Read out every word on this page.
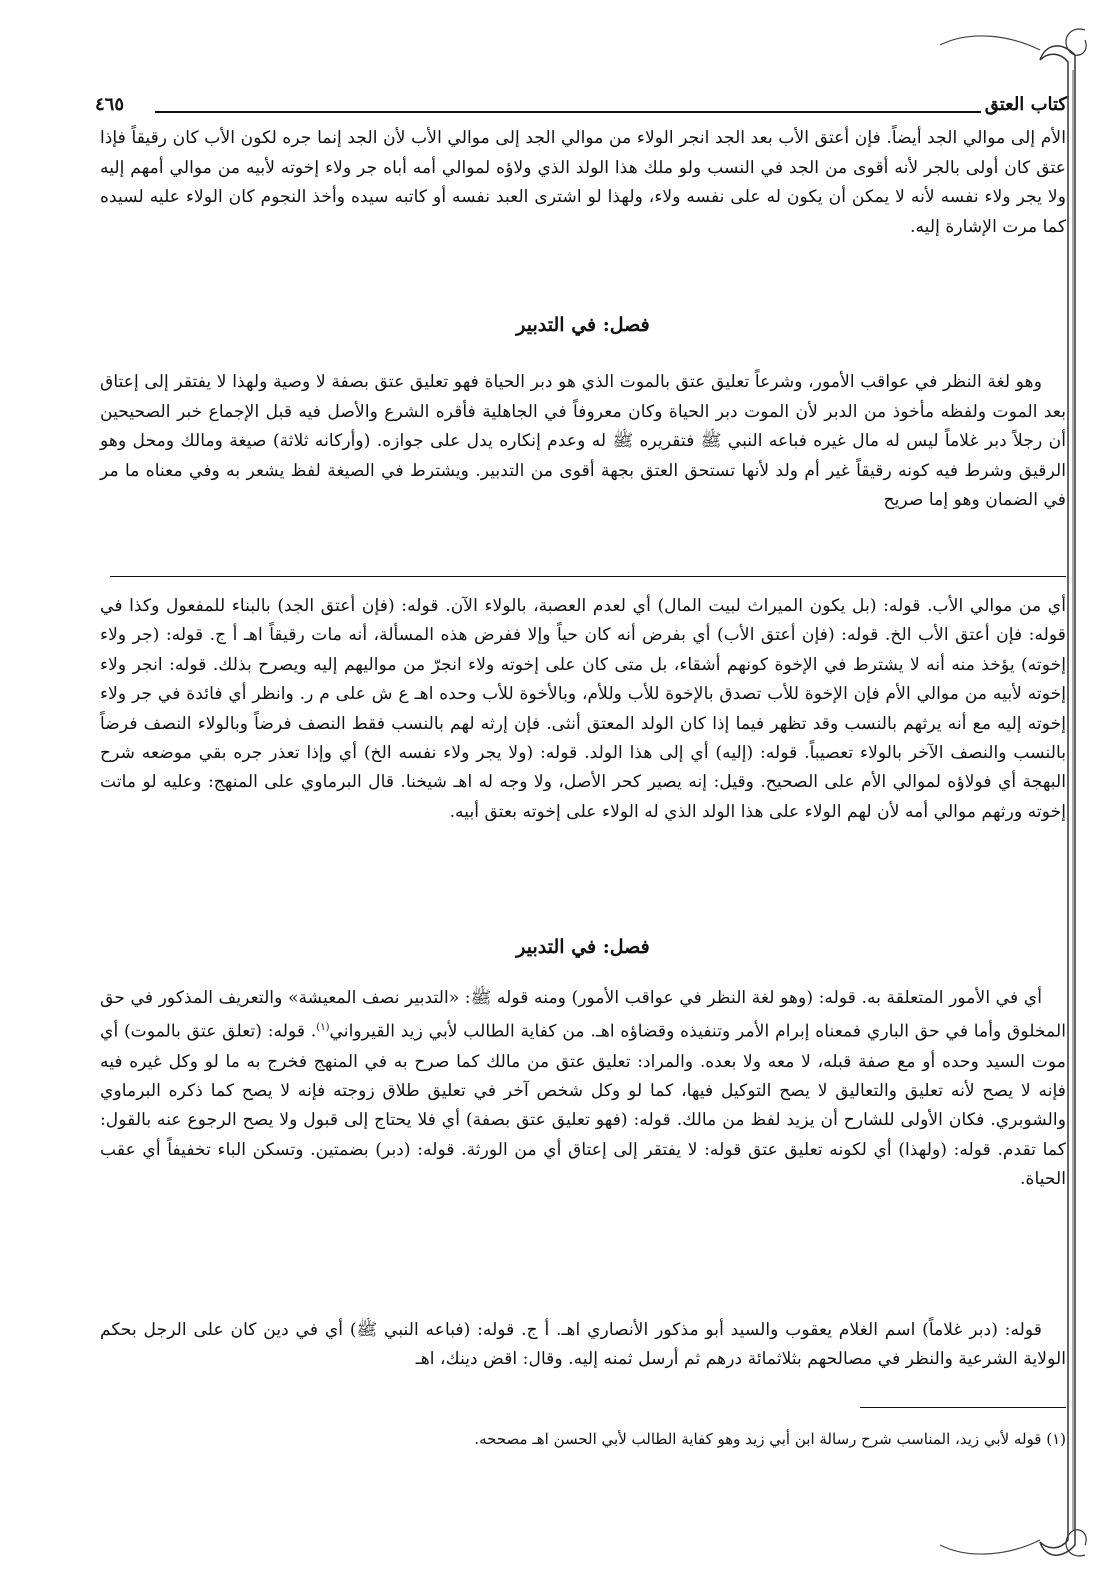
كتاب العتق
٤٦٥

الأم إلى موالي الجد أيضاً. فإن أعتق الأب بعد الجد انجر الولاء من موالي الجد إلى موالي الأب لأن الجد إنما جره لكون الأب كان رقيقاً فإذا عتق كان أولى بالجر لأنه أقوى من الجد في النسب ولو ملك هذا الولد الذي ولاؤه لموالي أمه أباه جر ولاء إخوته لأبيه من موالي أمهم إليه ولا يجر ولاء نفسه لأنه لا يمكن أن يكون له على نفسه ولاء، ولهذا لو اشترى العبد نفسه أو كاتبه سيده وأخذ النجوم كان الولاء عليه لسيده كما مرت الإشارة إليه.

فصل: في التدبير

وهو لغة النظر في عواقب الأمور، وشرعاً تعليق عتق بالموت الذي هو دبر الحياة فهو تعليق عتق بصفة لا وصية ولهذا لا يفتقر إلى إعتاق بعد الموت ولفظه مأخوذ من الدبر لأن الموت دبر الحياة وكان معروفاً في الجاهلية فأقره الشرع والأصل فيه قبل الإجماع خبر الصحيحين أن رجلاً دبر غلاماً ليس له مال غيره فباعه النبي ﷺ فتقريره ﷺ له وعدم إنكاره يدل على جوازه. (وأركانه ثلاثة) صيغة ومالك ومحل وهو الرقيق وشرط فيه كونه رقيقاً غير أم ولد لأنها تستحق العتق بجهة أقوى من التدبير. ويشترط في الصيغة لفظ يشعر به وفي معناه ما مر في الضمان وهو إما صريح

أي من موالي الأب. قوله: (بل يكون الميراث لبيت المال) أي لعدم العصبة، بالولاء الآن. قوله: (فإن أعتق الجد) بالبناء للمفعول وكذا في قوله: فإن أعتق الأب الخ. قوله: (فإن أعتق الأب) أي بفرض أنه كان حياً وإلا ففرض هذه المسألة، أنه مات رقيقاً اهـ أ ج. قوله: (جر ولاء إخوته) يؤخذ منه أنه لا يشترط في الإخوة كونهم أشقاء، بل متى كان على إخوته ولاء انجرّ من مواليهم إليه ويصرح بذلك. قوله: انجر ولاء إخوته لأبيه من موالي الأم فإن الإخوة للأب تصدق بالإخوة للأب وللأم، وبالأخوة للأب وحده اهـ ع ش على م ر. وانظر أي فائدة في جر ولاء إخوته إليه مع أنه يرثهم بالنسب وقد تظهر فيما إذا كان الولد المعتق أنثى. فإن إرثه لهم بالنسب فقط النصف فرضاً وبالولاء النصف فرضاً بالنسب والنصف الآخر بالولاء تعصيباً. قوله: (إليه) أي إلى هذا الولد. قوله: (ولا يجر ولاء نفسه الخ) أي وإذا تعذر جره بقي موضعه شرح البهجة أي فولاؤه لموالي الأم على الصحيح. وقيل: إنه يصير كحر الأصل، ولا وجه له اهـ شيخنا. قال البرماوي على المنهج: وعليه لو ماتت إخوته ورثهم موالي أمه لأن لهم الولاء على هذا الولد الذي له الولاء على إخوته بعتق أبيه.

فصل: في التدبير

أي في الأمور المتعلقة به. قوله: (وهو لغة النظر في عواقب الأمور) ومنه قوله ﷺ: «التدبير نصف المعيشة» والتعريف المذكور في حق المخلوق وأما في حق الباري فمعناه إبرام الأمر وتنفيذه وقضاؤه اهـ. من كفاية الطالب لأبي زيد القيرواني$^{(١)}$. قوله: (تعلق عتق بالموت) أي موت السيد وحده أو مع صفة قبله، لا معه ولا بعده. والمراد: تعليق عتق من مالك كما صرح به في المنهج فخرج به ما لو وكل غيره فيه فإنه لا يصح لأنه تعليق والتعاليق لا يصح التوكيل فيها، كما لو وكل شخص آخر في تعليق طلاق زوجته فإنه لا يصح كما ذكره البرماوي والشوبري. فكان الأولى للشارح أن يزيد لفظ من مالك. قوله: (فهو تعليق عتق بصفة) أي فلا يحتاج إلى قبول ولا يصح الرجوع عنه بالقول: كما تقدم. قوله: (ولهذا) أي لكونه تعليق عتق قوله: لا يفتقر إلى إعتاق أي من الورثة. قوله: (دبر) بضمتين. وتسكن الباء تخفيفاً أي عقب الحياة.

قوله: (دبر غلاماً) اسم الغلام يعقوب والسيد أبو مذكور الأنصاري اهـ. أ ج. قوله: (فباعه النبي ﷺ) أي في دين كان على الرجل بحكم الولاية الشرعية والنظر في مصالحهم بثلاثمائة درهم ثم أرسل ثمنه إليه. وقال: اقض دينك، اهـ

(١) قوله لأبي زيد، المناسب شرح رسالة ابن أبي زيد وهو كفاية الطالب لأبي الحسن اهـ مصححه.
